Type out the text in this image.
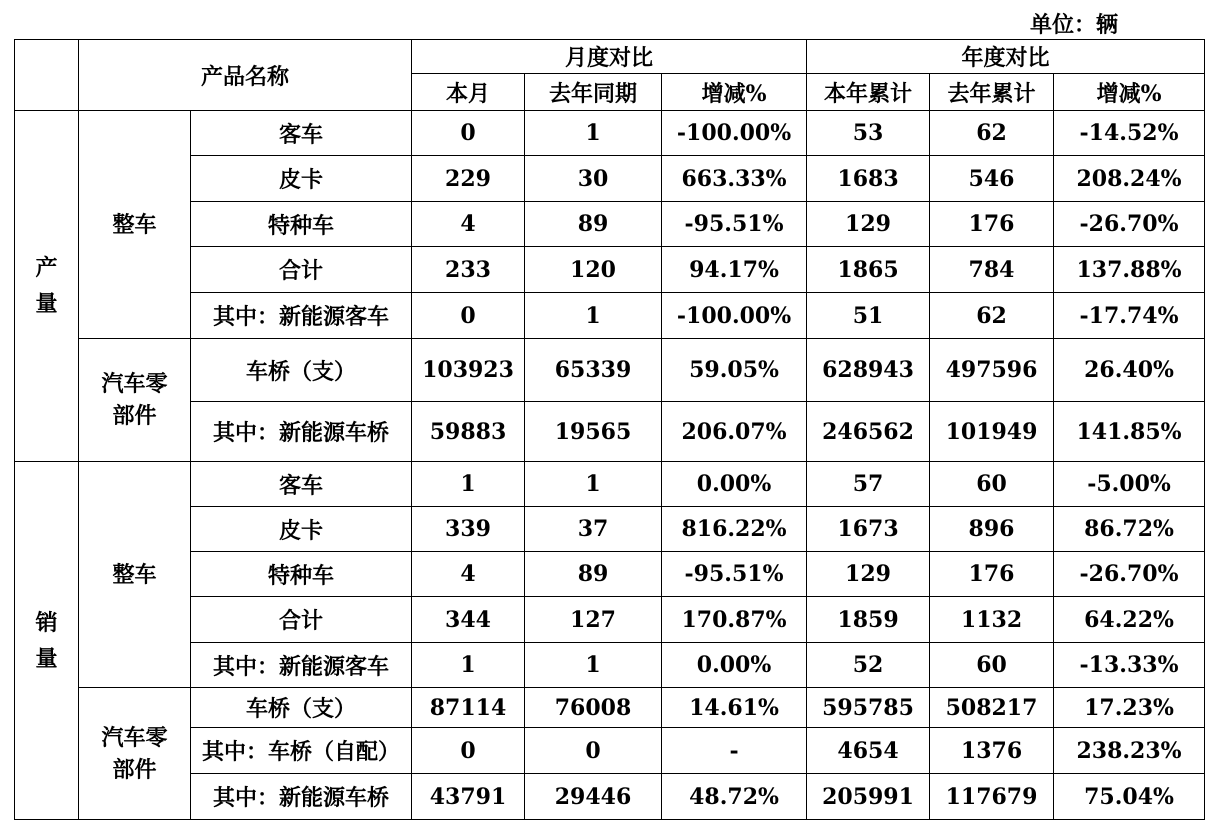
单位：辆
	产品名称		月度对比			年度对比		
			本月	去年同期	增减%	本年累计	去年累计	增减%

产
量	整车	客车	0	1	-100.00%	53	62	-14.52%
		皮卡	229	30	663.33%	1683	546	208.24%
		特种车	4	89	-95.51%	129	176	-26.70%
		合计	233	120	94.17%	1865	784	137.88%
		其中：新能源客车	0	1	-100.00%	51	62	-17.74%

	汽车零
部件	车桥（支）	103923	65339	59.05%	628943	497596	26.40%
		其中：新能源车桥	59883	19565	206.07%	246562	101949	141.85%

销
量	整车	客车	1	1	0.00%	57	60	-5.00%
		皮卡	339	37	816.22%	1673	896	86.72%
		特种车	4	89	-95.51%	129	176	-26.70%
		合计	344	127	170.87%	1859	1132	64.22%
		其中：新能源客车	1	1	0.00%	52	60	-13.33%

	汽车零
部件	车桥（支）	87114	76008	14.61%	595785	508217	17.23%
		其中：车桥（自配）	0	0	-	4654	1376	238.23%
		其中：新能源车桥	43791	29446	48.72%	205991	117679	75.04%
